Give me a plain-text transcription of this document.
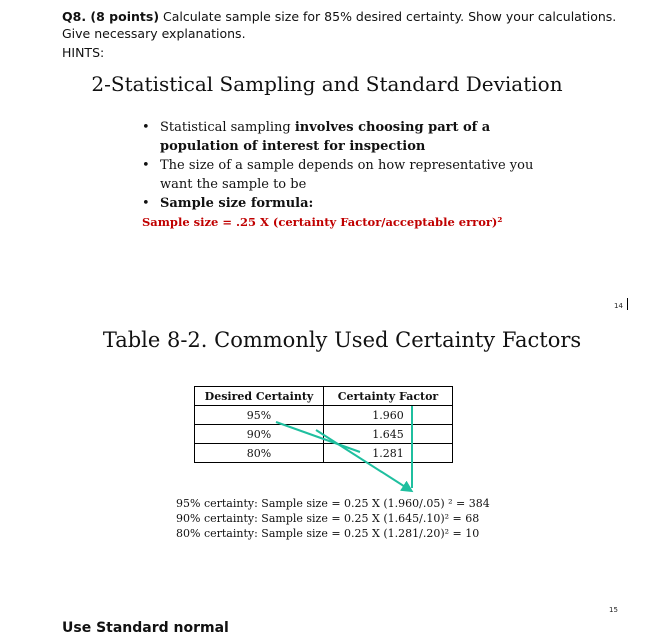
Q8. (8 points) Calculate sample size for 85% desired certainty. Show your calculations. Give necessary explanations.
HINTS:
2-Statistical Sampling and Standard Deviation
• Statistical sampling involves choosing part of a population of interest for inspection
• The size of a sample depends on how representative you want the sample to be
• Sample size formula:
Sample size = .25 X (certainty Factor/acceptable error)²
14
Table 8-2. Commonly Used Certainty Factors
Desired Certainty	Certainty Factor
95%	1.960
90%	1.645
80%	1.281
95% certainty: Sample size = 0.25 X (1.960/.05) ² = 384
90% certainty: Sample size = 0.25 X (1.645/.10)² = 68
80% certainty: Sample size = 0.25 X (1.281/.20)² = 10
15
Use Standard normal
